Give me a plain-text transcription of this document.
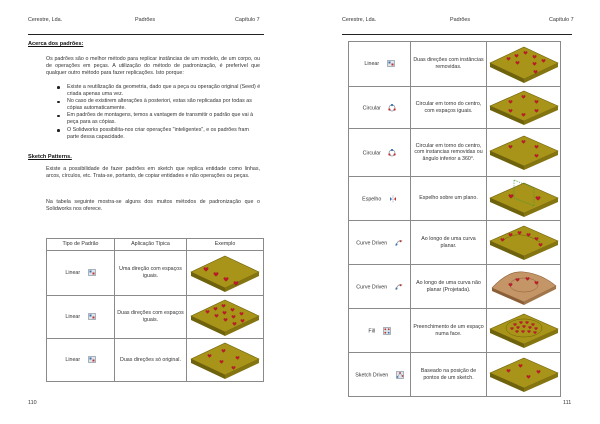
Cerestre, Lda.	Padrões	Capítulo 7
Acerca dos padrões:
Os padrões são o melhor método para replicar instâncias de um modelo, de um corpo, ou de operações em peças. A utilização do método de padronização, é preferível que qualquer outro método para fazer replicações. Isto porque:
Existe a reutilização da geometria, dado que a peça ou operação original (Seed) é criada apenas uma vez.
No caso de existirem alterações à posteriori, estas são replicadas por todas as cópias automaticamente.
Em padrões de montagens, temos a vantagem de transmitir o padrão que vai à peça para as cópias.
O Solidworks possibilita-nos criar operações "inteligentes", e os padrões fram parte dessa capacidade.
Sketch Patterns.
Existe a possibilidade de fazer padrões em sketch que replica entidade como linhas, arcos, círculos, etc. Trata-se, portanto, de copiar entidades e não operações ou peças.
Na tabela seguinte mostra-se alguns dos muitos métodos de padronização que o Solidworks nos oferece.
Tipo de Padrão	Aplicação Típica	Exemplo
Linear	Uma direção com espaços iguais.	

Linear	Duas direções com espaços iguais.	

Linear	Duas direções só original.	
110
Cerestre, Lda.	Padrões	Capítulo 7
Linear	Duas direções com instâncias removidas.	

Circular	Circular em torno do centro, com espaços iguais.	

Circular	Circular em torno do centro, com instancias removidas ou ângulo inferior a 360°.	

Espelho	Espelho sobre um plano.	

Curve Driven	Ao longo de uma curva planar.	

Curve Driven	Ao longo de uma curva não planar (Projetada).	

Fill	Preenchimento de um espaço numa face.	

Sketch Driven	Baseado na posição de pontos de um sketch.	
111
